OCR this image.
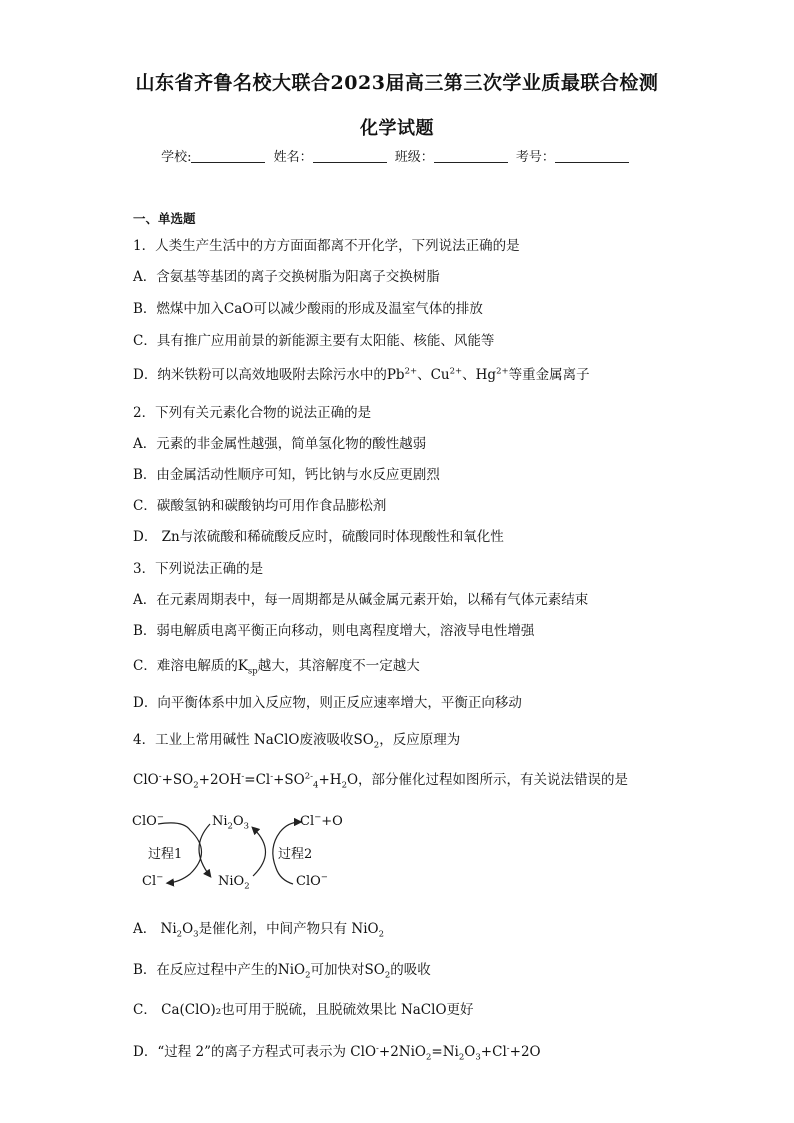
山东省齐鲁名校大联合2023届高三第三次学业质最联合检测
化学试题
学校:	姓名：	班级：	考号：
一、单选题
1．人类生产生活中的方方面面都离不开化学，下列说法正确的是
A．含氨基等基团的离子交换树脂为阳离子交换树脂
B．燃煤中加入CaO可以减少酸雨的形成及温室气体的排放
C．具有推广应用前景的新能源主要有太阳能、核能、风能等
D．纳米铁粉可以高效地吸附去除污水中的$Pb^{2+}$、$Cu^{2+}$、$Hg^{2+}$等重金属离子
2．下列有关元素化合物的说法正确的是
A．元素的非金属性越强，简单氢化物的酸性越弱
B．由金属活动性顺序可知，钙比钠与水反应更剧烈
C．碳酸氢钠和碳酸钠均可用作食品膨松剂
D． Zn与浓硫酸和稀硫酸反应时，硫酸同时体现酸性和氧化性
3．下列说法正确的是
A．在元素周期表中，每一周期都是从碱金属元素开始，以稀有气体元素结束
B．弱电解质电离平衡正向移动，则电离程度增大，溶液导电性增强
C．难溶电解质的$K_{sp}$越大，其溶解度不一定越大
D．向平衡体系中加入反应物，则正反应速率增大，平衡正向移动
4．工业上常用碱性 NaClO废液吸收$SO_2$，反应原理为
$ClO^-+SO_2+2OH^-=Cl^-+SO^{2-}_4+H_2O$，部分催化过程如图所示，有关说法错误的是
ClO−	$Ni_2O_3$	Cl−+O
过程1	过程2
Cl−	NiO$_2$	ClO−
A． $Ni_2O_3$是催化剂，中间产物只有 NiO$_2$
B．在反应过程中产生的NiO$_2$可加快对$SO_2$的吸收
C． Ca(ClO)₂也可用于脱硫，且脱硫效果比 NaClO更好
D．“过程 2”的离子方程式可表示为 $ClO^-+2NiO_2=Ni_2O_3+Cl^-+2O$
